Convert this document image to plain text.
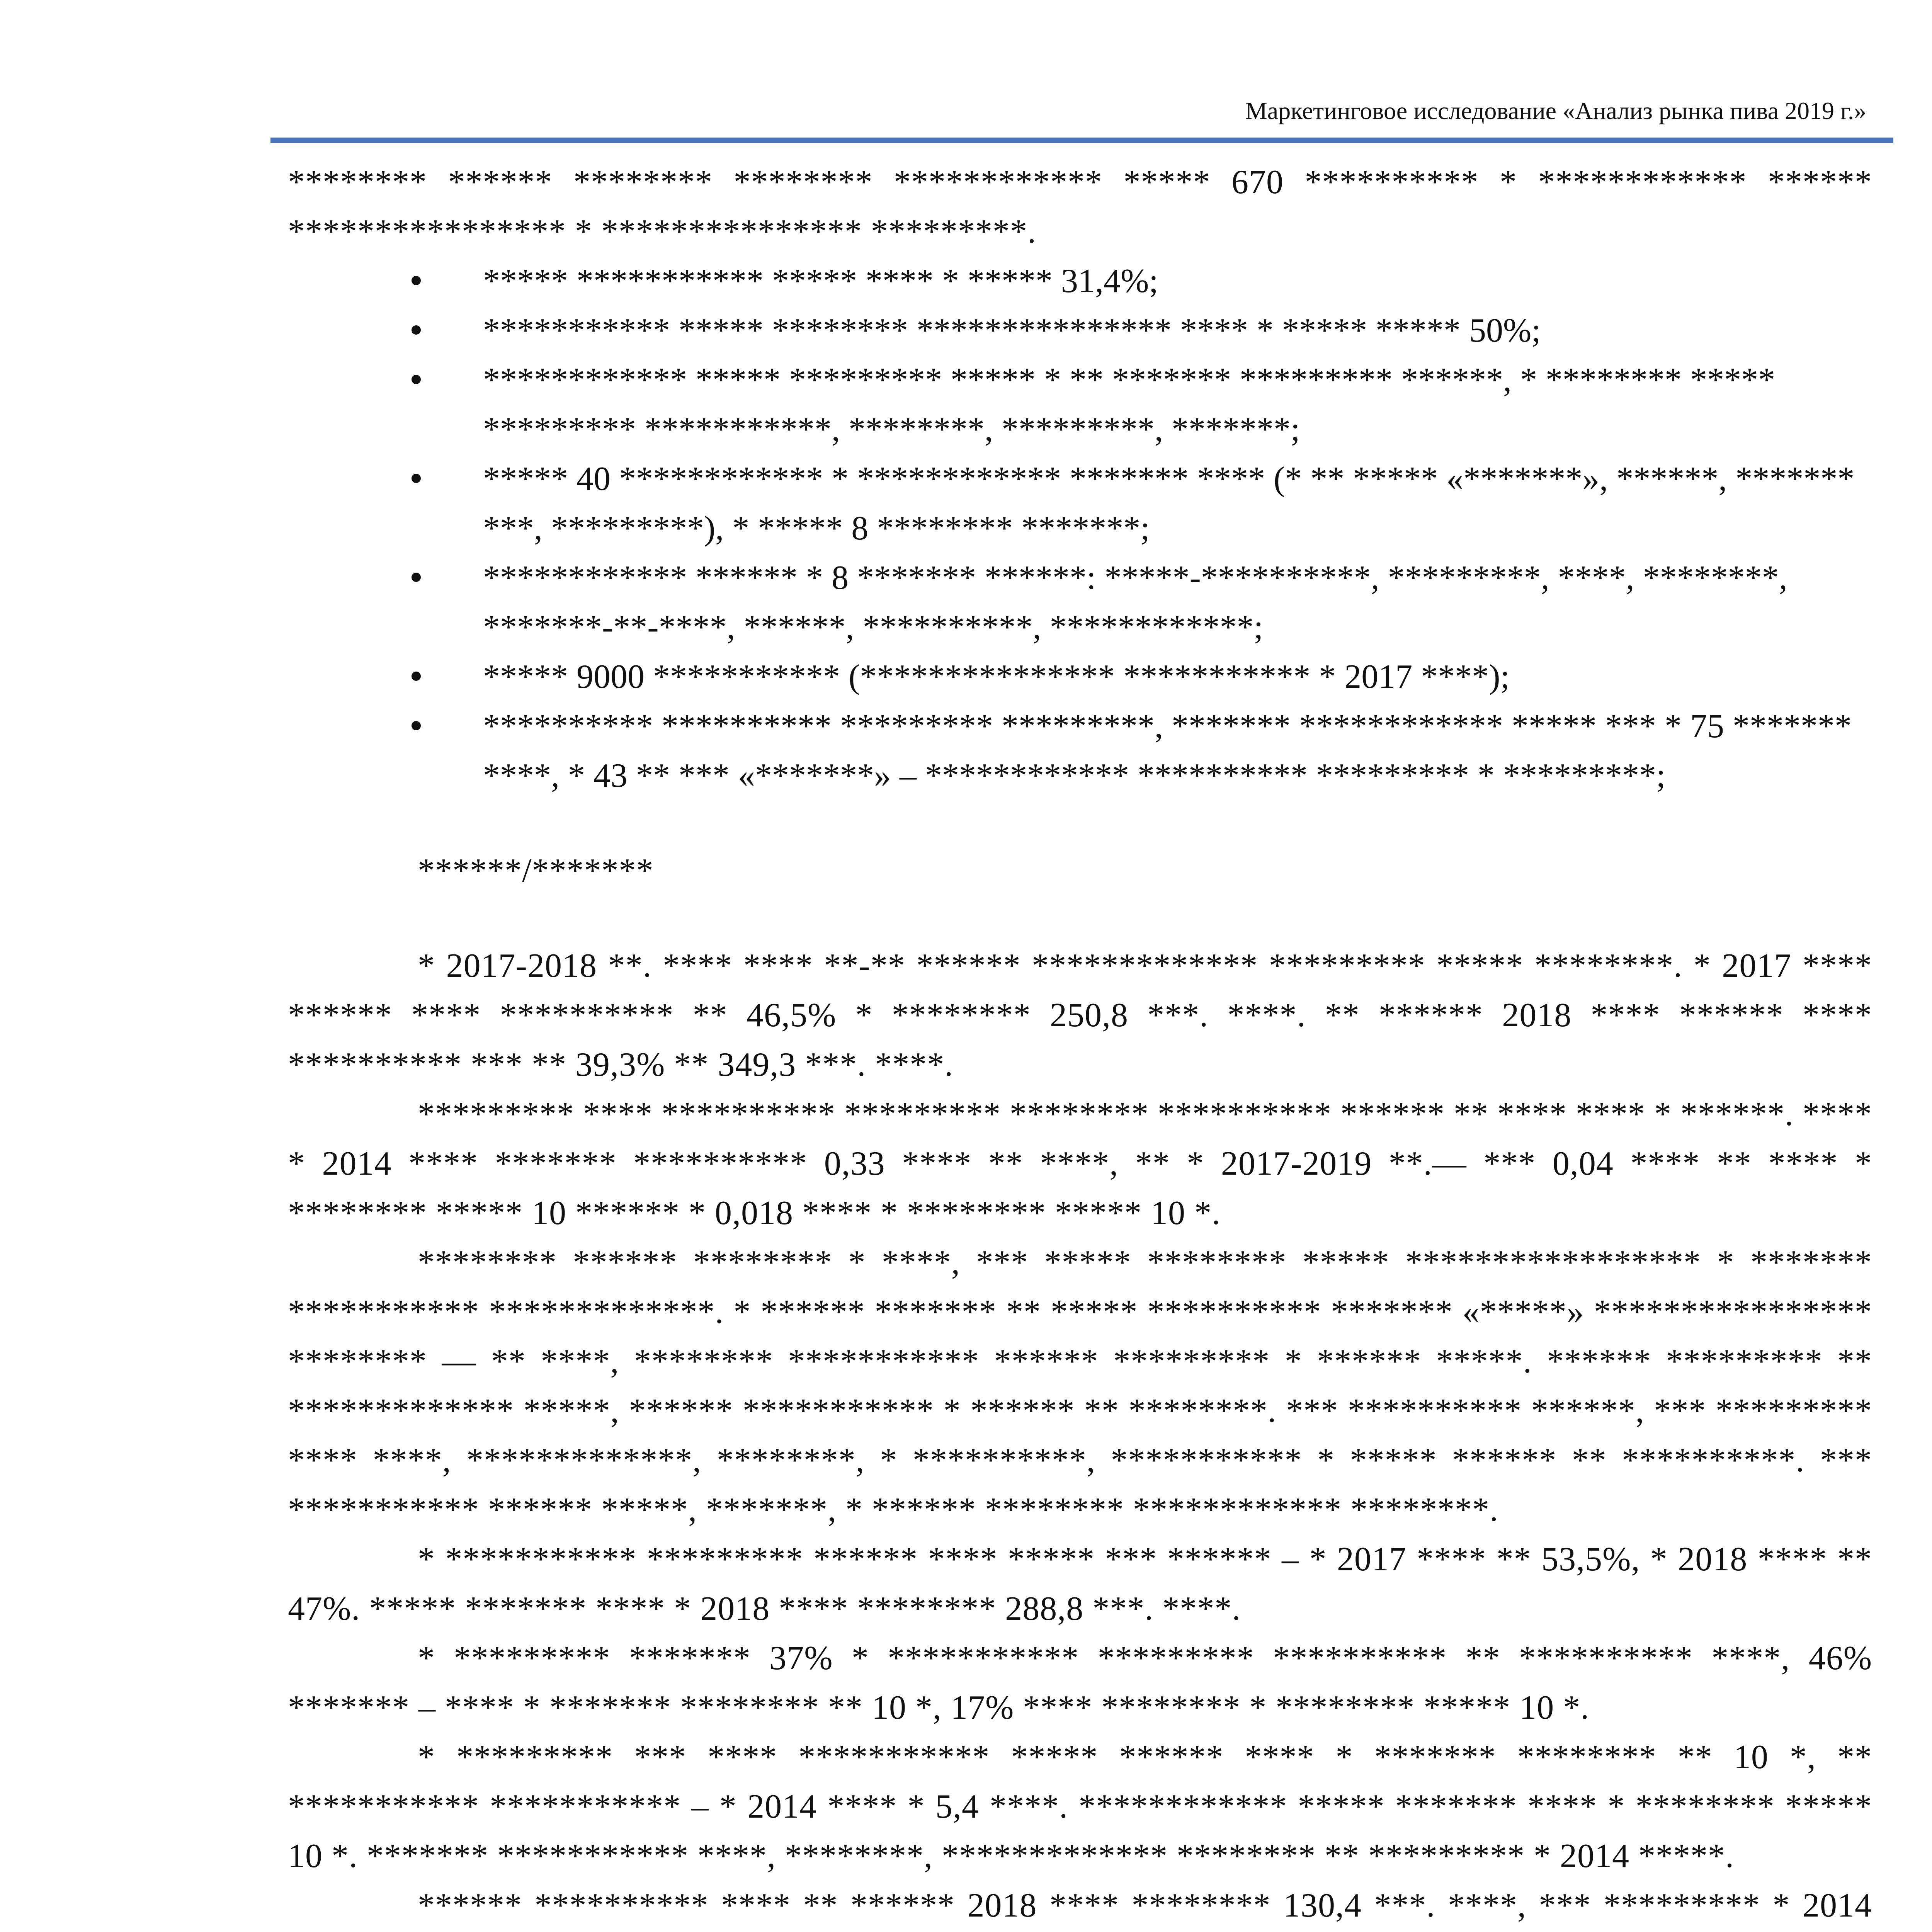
Маркетинговое исследование «Анализ рынка пива 2019 г.»

******** ****** ******** ******** ************ ***** 670 ********** * ************ ****** **************** * *************** *********.

***** *********** ***** **** * ***** 31,4%;
*********** ***** ******** *************** **** * ***** ***** 50%;
************ ***** ********* ***** * ** ******* ********* ******, * ******** ***** ********* ***********, ********, *********, *******;
***** 40 ************ * ************ ******* **** (* ** ***** «*******», ******, ******* ***, *********), * ***** 8 ******** *******;
************ ****** * 8 ******* ******: *****-**********, *********, ****, ********, *******-**-****, ******, **********, ************;
***** 9000 *********** (*************** *********** * 2017 ****);
********** ********** ********* *********, ******* ************ ***** *** * 75 ******* ****, * 43 ** *** «*******» – ************ ********** ********* * *********;

******/*******

* 2017-2018 **. **** **** **-** ****** ************* ********* ***** ********. * 2017 **** ****** **** ********** ** 46,5% * ******** 250,8 ***. ****. ** ****** 2018 **** ****** **** ********** *** ** 39,3% ** 349,3 ***. ****.

********* **** ********** ********* ******** ********** ****** ** **** **** * ******. **** * 2014 **** ******* ********** 0,33 **** ** ****, ** * 2017-2019 **.— *** 0,04 **** ** **** * ******** ***** 10 ****** * 0,018 **** * ******** ***** 10 *.

******** ****** ******** * ****, *** ***** ******** ***** ***************** * ******* *********** *************. * ****** ******* ** ***** ********** ******* «*****» **************** ******** — ** ****, ******** *********** ****** ********* * ****** *****. ****** ********* ** ************* *****, ****** *********** * ****** ** ********. *** ********** ******, *** ********* **** ****, *************, ********, * **********, *********** * ***** ****** ** **********. *** *********** ****** *****, *******, * ****** ******** ************ ********.

* *********** ********* ****** **** ***** *** ****** – * 2017 **** ** 53,5%, * 2018 **** ** 47%. ***** ******* **** * 2018 **** ******** 288,8 ***. ****.

* ********* ******* 37% * *********** ********* ********** ** ********** ****, 46% ******* – **** * ******* ******** ** 10 *, 17% **** ******** * ******** ***** 10 *.

* ********* *** **** *********** ***** ****** **** * ******* ******** ** 10 *, ** *********** *********** – * 2014 **** * 5,4 ****. ************ ***** ******* **** * ******** ***** 10 *. ******* *********** ****, ********, ************* ******** ** ********* * 2014 *****.

****** ********** **** ** ****** 2018 **** ******** 130,4 ***. ****, *** ********* * 2014
